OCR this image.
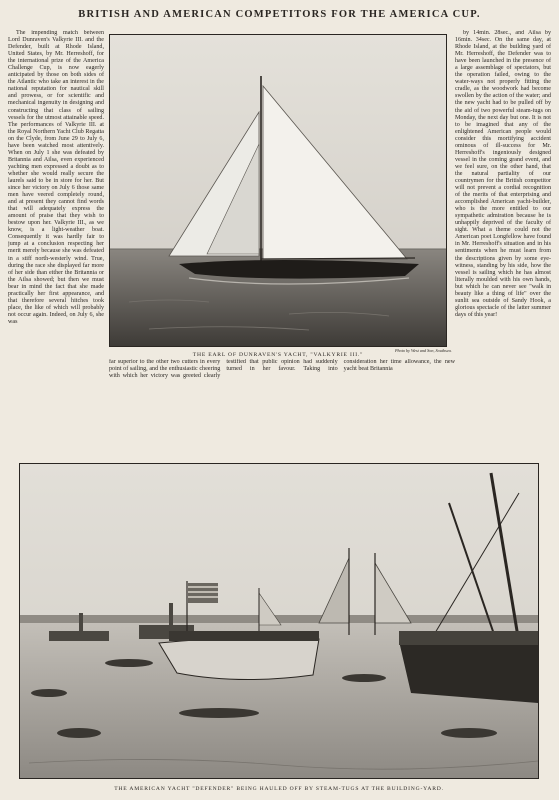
BRITISH AND AMERICAN COMPETITORS FOR THE AMERICA CUP.

The impending match between Lord Dunraven's Valkyrie III. and the Defender, built at Rhode Island, United States, by Mr. Herreshoff, for the international prize of the America Challenge Cup, is now eagerly anticipated by those on both sides of the Atlantic who take an interest in the national reputation for nautical skill and prowess, or for scientific and mechanical ingenuity in designing and constructing that class of sailing vessels for the utmost attainable speed. The performances of Valkyrie III. at the Royal Northern Yacht Club Regatta on the Clyde, from June 29 to July 6, have been watched most attentively. When on July 1 she was defeated by Britannia and Ailsa, even experienced yachting men expressed a doubt as to whether she would really secure the laurels said to be in store for her. But since her victory on July 6 those same men have veered completely round, and at present they cannot find words that will adequately express the amount of praise that they wish to bestow upon her. Valkyrie III., as we know, is a light-weather boat. Consequently it was hardly fair to jump at a conclusion respecting her merit merely because she was defeated in a stiff north-westerly wind. True, during the race she displayed far more of her side than either the Britannia or the Ailsa showed; but then we must bear in mind the fact that she made practically her first appearance, and that therefore several hitches took place, the like of which will probably not occur again. Indeed, on July 6, she was

Photo by West and Son, Southsea.
THE EARL OF DUNRAVEN'S YACHT, "VALKYRIE III."

by 14min. 28sec., and Ailsa by 16min. 34sec. On the same day, at Rhode Island, at the building yard of Mr. Herreshoff, the Defender was to have been launched in the presence of a large assemblage of spectators, but the operation failed, owing to the water-ways not properly fitting the cradle, as the woodwork had become swollen by the action of the water; and the new yacht had to be pulled off by the aid of two powerful steam-tugs on Monday, the next day but one. It is not to be imagined that any of the enlightened American people would consider this mortifying accident ominous of ill-success for Mr. Herreshoff's ingeniously designed vessel in the coming grand event, and we feel sure, on the other hand, that the natural partiality of our countrymen for the British competitor will not prevent a cordial recognition of the merits of that enterprising and accomplished American yacht-builder, who is the more entitled to our sympathetic admiration because he is unhappily deprived of the faculty of sight. What a theme could not the American poet Longfellow have found in Mr. Herreshoff's situation and in his sentiments when he must learn from the descriptions given by some eye-witness, standing by his side, how the vessel is sailing which he has almost literally moulded with his own hands, but which he can never see "walk in beauty like a thing of life" over the sunlit sea outside of Sandy Hook, a glorious spectacle of the latter summer days of this year!

far superior to the other two cutters in every point of sailing, and the enthusiastic cheering with which her victory was greeted clearly testified that public opinion had suddenly turned in her favour. Taking into consideration her time allowance, the new yacht beat Britannia

THE AMERICAN YACHT "DEFENDER" BEING HAULED OFF BY STEAM-TUGS AT THE BUILDING-YARD.
